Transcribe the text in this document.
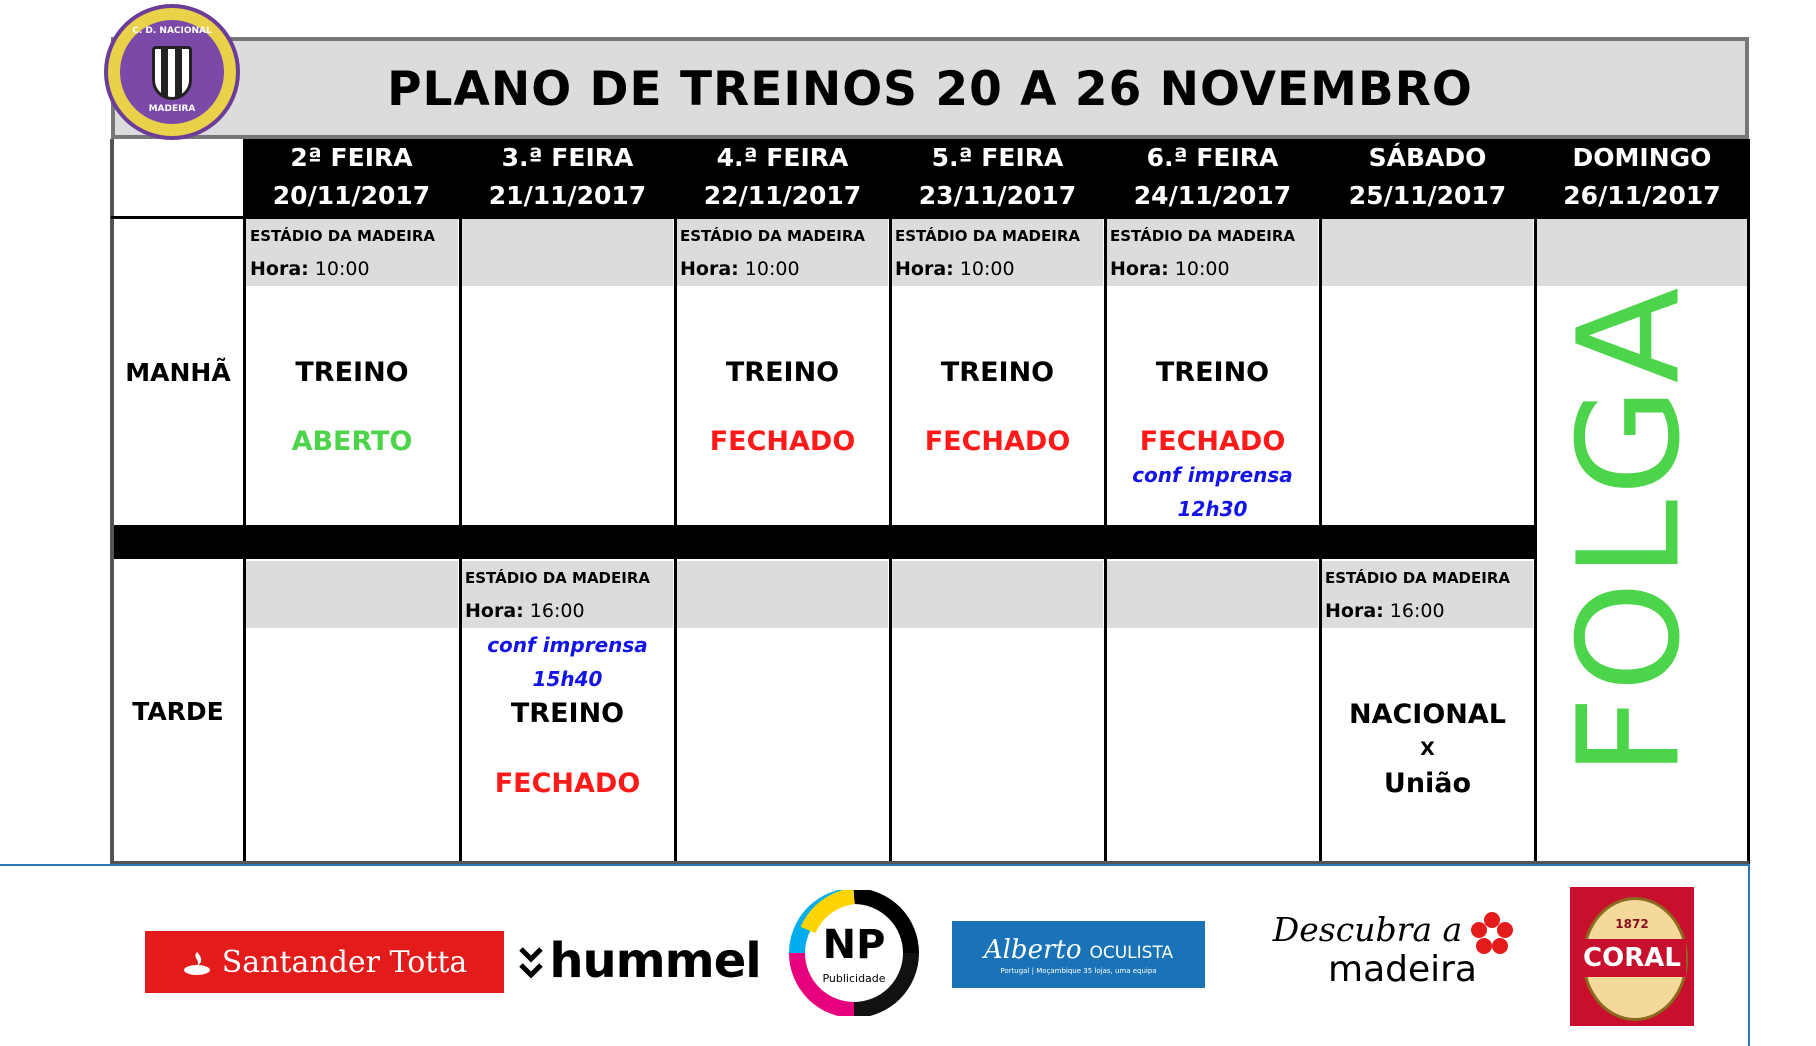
PLANO DE TREINOS 20 A 26 NOVEMBRO
C. D. NACIONAL
MADEIRA
2ª FEIRA
20/11/2017
3.ª FEIRA
21/11/2017
4.ª FEIRA
22/11/2017
5.ª FEIRA
23/11/2017
6.ª FEIRA
24/11/2017
SÁBADO
25/11/2017
DOMINGO
26/11/2017
MANHÃ
TARDE
ESTÁDIO DA MADEIRA
Hora: 10:00
TREINO
ABERTO
ESTÁDIO DA MADEIRA
Hora: 10:00
TREINO
FECHADO
ESTÁDIO DA MADEIRA
Hora: 10:00
TREINO
FECHADO
ESTÁDIO DA MADEIRA
Hora: 10:00
TREINO
FECHADO
conf imprensa
12h30
ESTÁDIO DA MADEIRA
Hora: 16:00
conf imprensa
15h40
TREINO
FECHADO
ESTÁDIO DA MADEIRA
Hora: 16:00
NACIONAL
X
União
FOLGA
Santander Totta hummel	NP
Publicidade
Alberto OCULISTA
Portugal | Moçambique 35 lojas, uma equipa
Descubra a
madeira
1872
CORAL
